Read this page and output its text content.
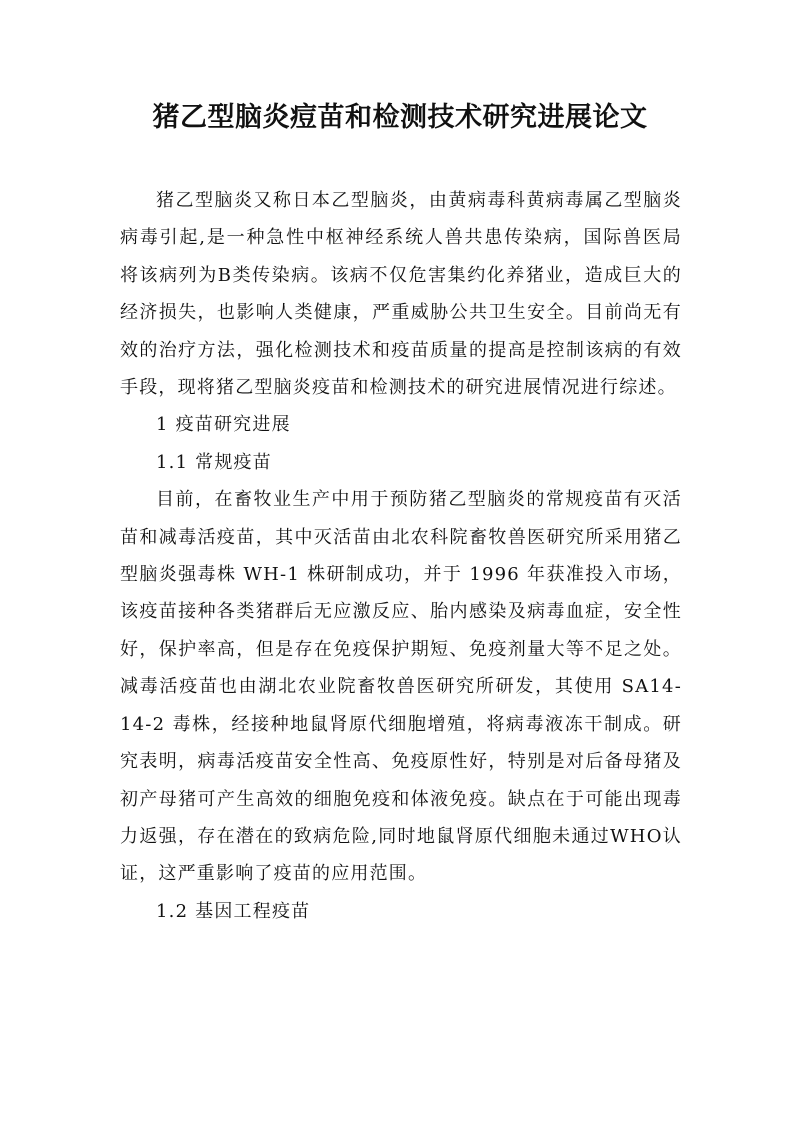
猪乙型脑炎痘苗和检测技术研究进展论文

猪乙型脑炎又称日本乙型脑炎，由黄病毒科黄病毒属乙型脑炎病毒引起,是一种急性中枢神经系统人兽共患传染病，国际兽医局将该病列为B类传染病。该病不仅危害集约化养猪业，造成巨大的经济损失，也影响人类健康，严重威胁公共卫生安全。目前尚无有效的治疗方法，强化检测技术和疫苗质量的提高是控制该病的有效手段，现将猪乙型脑炎疫苗和检测技术的研究进展情况进行综述。

1 疫苗研究进展

1.1 常规疫苗

目前，在畜牧业生产中用于预防猪乙型脑炎的常规疫苗有灭活苗和减毒活疫苗，其中灭活苗由北农科院畜牧兽医研究所采用猪乙型脑炎强毒株 WH-1 株研制成功，并于 1996 年获准投入市场，该疫苗接种各类猪群后无应激反应、胎内感染及病毒血症，安全性好，保护率高，但是存在免疫保护期短、免疫剂量大等不足之处。减毒活疫苗也由湖北农业院畜牧兽医研究所研发，其使用 SA14-14-2 毒株，经接种地鼠肾原代细胞增殖，将病毒液冻干制成。研究表明，病毒活疫苗安全性高、免疫原性好，特别是对后备母猪及初产母猪可产生高效的细胞免疫和体液免疫。缺点在于可能出现毒力返强，存在潜在的致病危险,同时地鼠肾原代细胞未通过WHO认证，这严重影响了疫苗的应用范围。

1.2 基因工程疫苗
